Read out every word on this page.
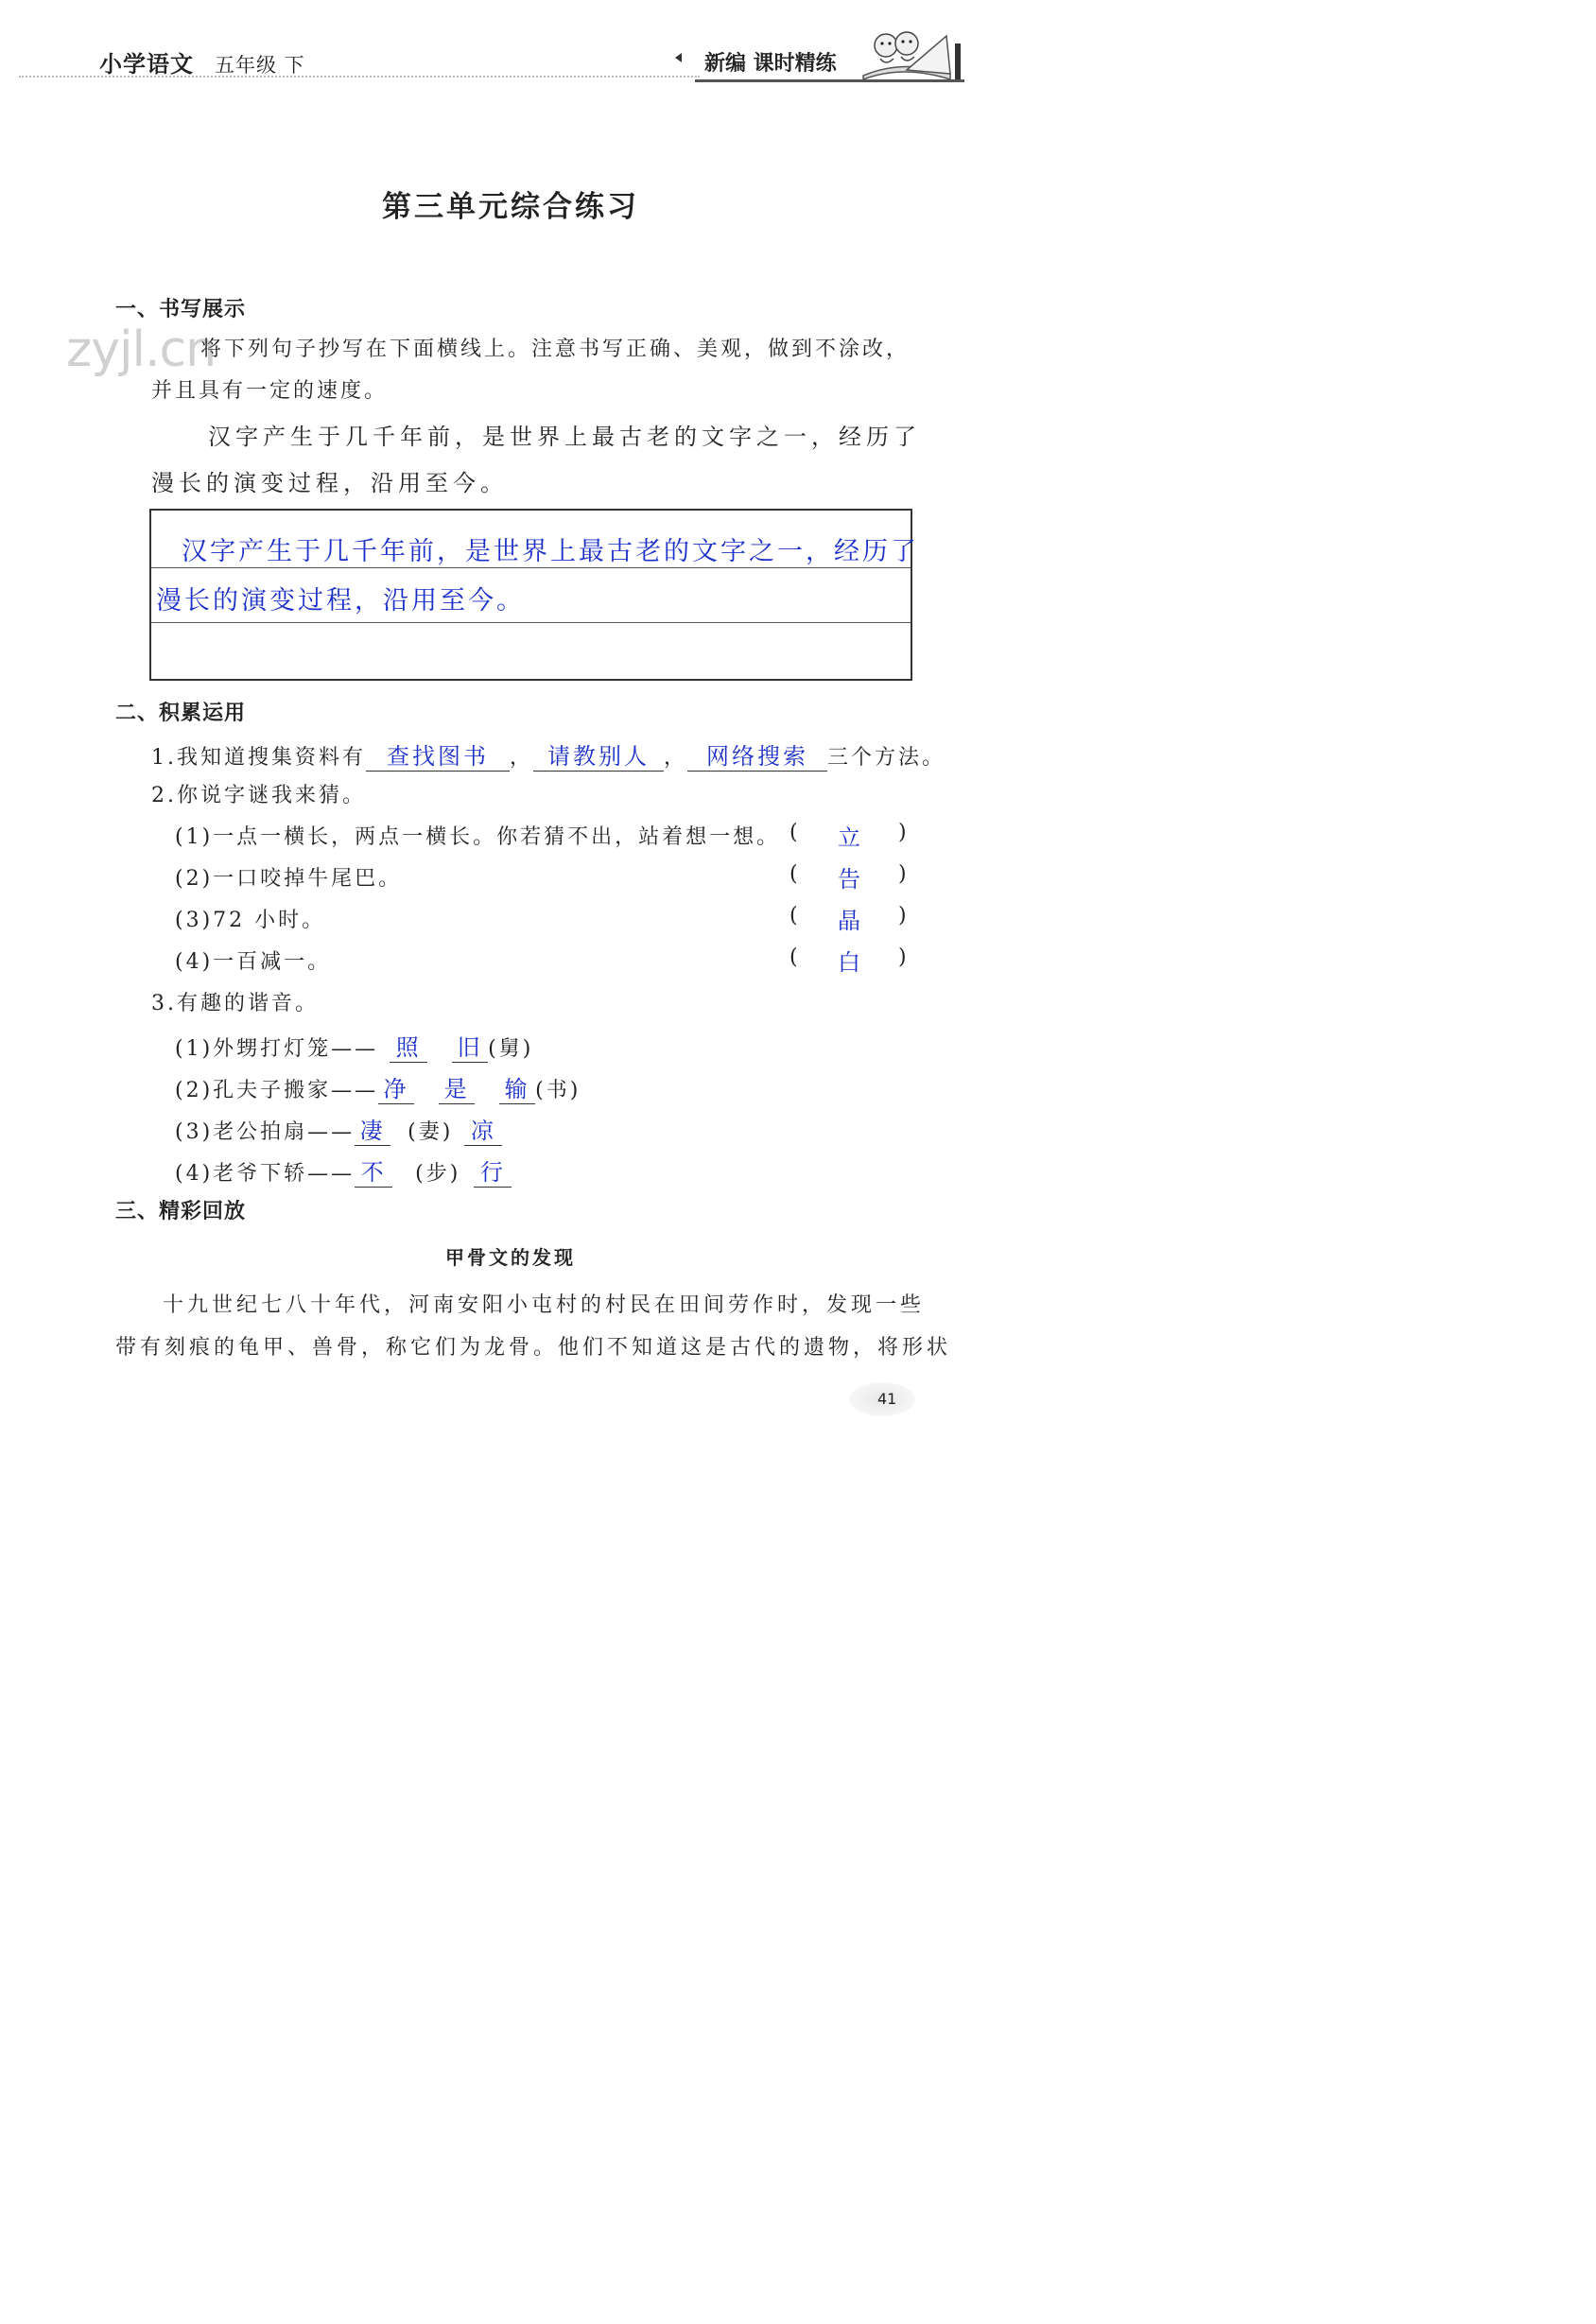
小学语文 五年级 下	新编 课时精练
第三单元综合练习
一、书写展示
zyjl.cn
将下列句子抄写在下面横线上。注意书写正确、美观，做到不涂改，
并且具有一定的速度。
汉字产生于几千年前，是世界上最古老的文字之一，经历了
漫长的演变过程，沿用至今。
汉字产生于几千年前，是世界上最古老的文字之一，经历了
漫长的演变过程，沿用至今。
二、积累运用
1.我知道搜集资料有 查找图书 ， 请教别人 ， 网络搜索 三个方法。
2.你说字谜我来猜。
(1)一点一横长，两点一横长。你若猜不出，站着想一想。 ( 立 )
(2)一口咬掉牛尾巴。	( 告 )
(3)72 小时。	( 晶 )
(4)一百减一。	( 白 )
3.有趣的谐音。
(1)外甥打灯笼—— 照 旧 (舅)
(2)孔夫子搬家—— 净 是 输 (书)
(3)老公拍扇—— 凄 (妻) 凉
(4)老爷下轿—— 不 (步) 行
三、精彩回放
甲骨文的发现
十九世纪七八十年代，河南安阳小屯村的村民在田间劳作时，发现一些
带有刻痕的龟甲、兽骨，称它们为龙骨。他们不知道这是古代的遗物，将形状
41
